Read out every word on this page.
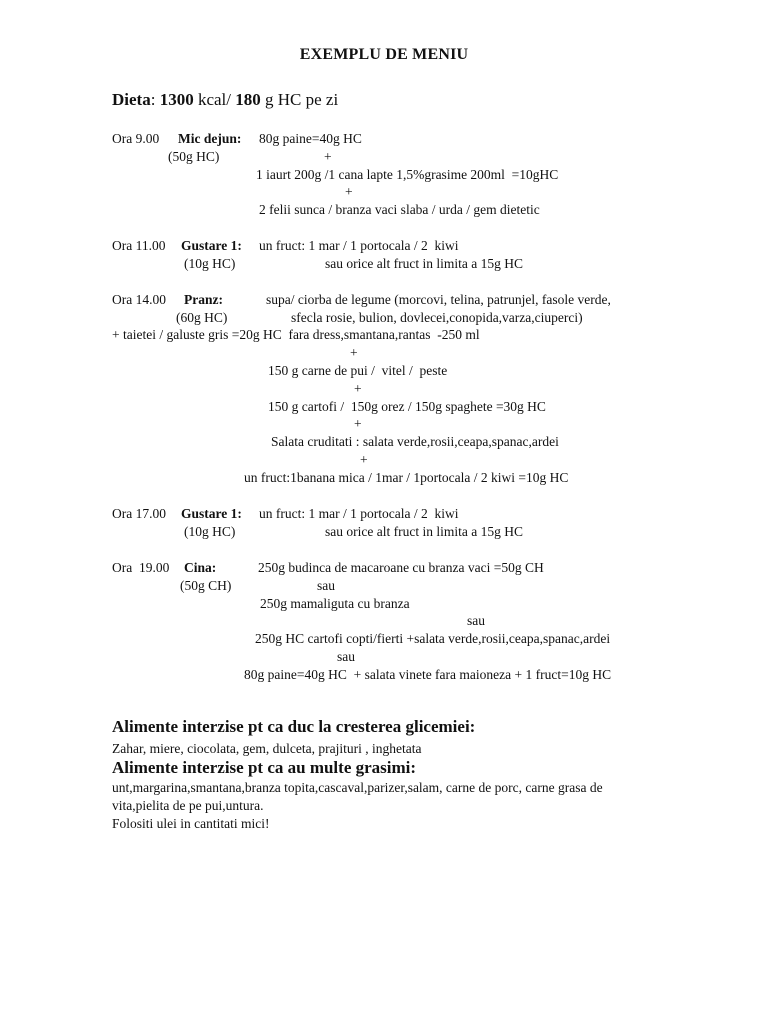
EXEMPLU DE MENIU
Dieta: 1300 kcal/ 180 g HC pe zi
Ora 9.00 Mic dejun: 80g paine=40g HC
(50g HC)	+
1 iaurt 200g /1 cana lapte 1,5%grasime 200ml  =10gHC
+
2 felii sunca / branza vaci slaba / urda / gem dietetic
Ora 11.00 Gustare 1: un fruct: 1 mar / 1 portocala / 2  kiwi
(10g HC)	sau orice alt fruct in limita a 15g HC
Ora 14.00 Pranz:	supa/ ciorba de legume (morcovi, telina, patrunjel, fasole verde,
(60g HC)	sfecla rosie, bulion, dovlecei,conopida,varza,ciuperci)
+ taietei / galuste gris =20g HC  fara dress,smantana,rantas  -250 ml
+
150 g carne de pui /  vitel /  peste
+
150 g cartofi /  150g orez / 150g spaghete =30g HC
+
Salata cruditati : salata verde,rosii,ceapa,spanac,ardei
+
un fruct:1banana mica / 1mar / 1portocala / 2 kiwi =10g HC
Ora 17.00 Gustare 1: un fruct: 1 mar / 1 portocala / 2  kiwi
(10g HC)	sau orice alt fruct in limita a 15g HC
Ora  19.00 Cina:	250g budinca de macaroane cu branza vaci =50g CH
(50g CH)	sau
250g mamaliguta cu branza
sau
250g HC cartofi copti/fierti +salata verde,rosii,ceapa,spanac,ardei
sau
80g paine=40g HC  + salata vinete fara maioneza + 1 fruct=10g HC
Alimente interzise pt ca duc la cresterea glicemiei:
Zahar, miere, ciocolata, gem, dulceta, prajituri , inghetata
Alimente interzise pt ca au multe grasimi:
unt,margarina,smantana,branza topita,cascaval,parizer,salam, carne de porc, carne grasa de
vita,pielita de pe pui,untura.
Folositi ulei in cantitati mici!
